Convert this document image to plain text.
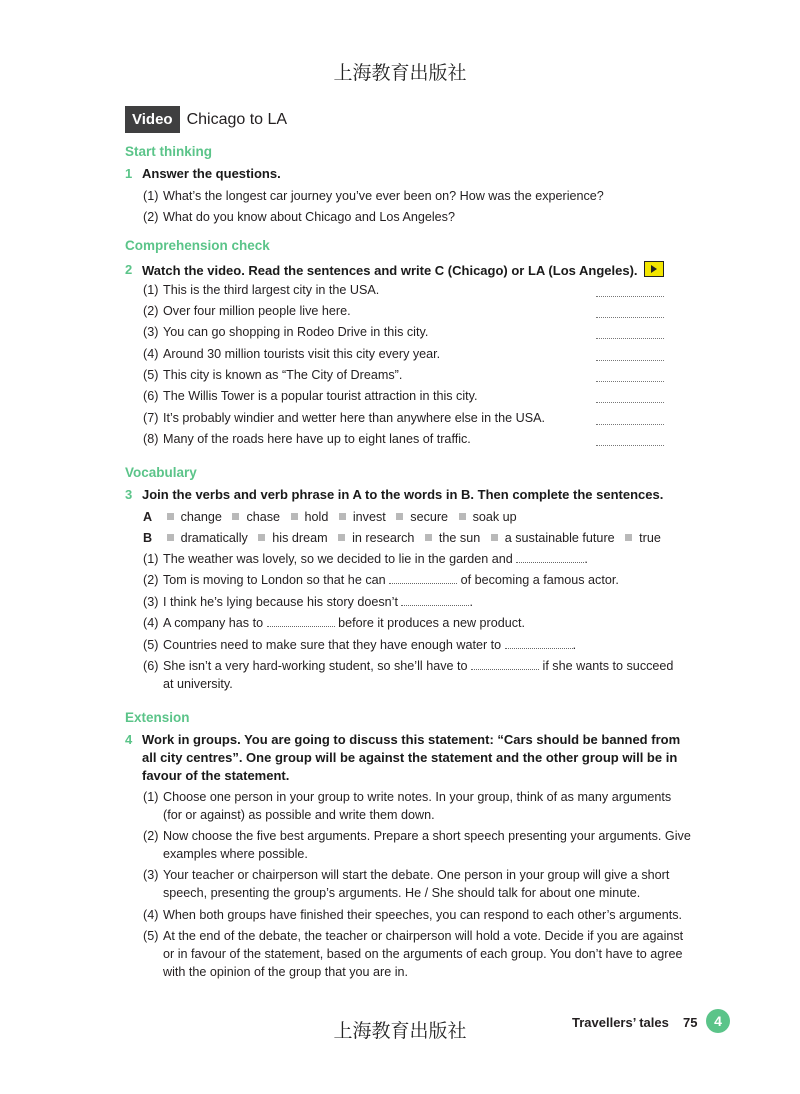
上海教育出版社
Video Chicago to LA
Start thinking
1 Answer the questions.
(1) What’s the longest car journey you’ve ever been on? How was the experience?
(2) What do you know about Chicago and Los Angeles?
Comprehension check
2 Watch the video. Read the sentences and write C (Chicago) or LA (Los Angeles).
(1) This is the third largest city in the USA.
(2) Over four million people live here.
(3) You can go shopping in Rodeo Drive in this city.
(4) Around 30 million tourists visit this city every year.
(5) This city is known as “The City of Dreams”.
(6) The Willis Tower is a popular tourist attraction in this city.
(7) It’s probably windier and wetter here than anywhere else in the USA.
(8) Many of the roads here have up to eight lanes of traffic.
Vocabulary
3 Join the verbs and verb phrase in A to the words in B. Then complete the sentences.
A change chase hold invest secure soak up
B dramatically his dream in research the sun a sustainable future true
(1) The weather was lovely, so we decided to lie in the garden and	.
(2) Tom is moving to London so that he can	of becoming a famous actor.
(3) I think he’s lying because his story doesn’t	.
(4) A company has to	before it produces a new product.
(5) Countries need to make sure that they have enough water to	.
(6) She isn’t a very hard-working student, so she’ll have to	if she wants to succeed
at university.
Extension
4 Work in groups. You are going to discuss this statement: “Cars should be banned from all city centres”. One group will be against the statement and the other group will be in favour of the statement.
(1) Choose one person in your group to write notes. In your group, think of as many arguments (for or against) as possible and write them down.
(2) Now choose the five best arguments. Prepare a short speech presenting your arguments. Give examples where possible.
(3) Your teacher or chairperson will start the debate. One person in your group will give a short speech, presenting the group’s arguments. He / She should talk for about one minute.
(4) When both groups have finished their speeches, you can respond to each other’s arguments.
(5) At the end of the debate, the teacher or chairperson will hold a vote. Decide if you are against or in favour of the statement, based on the arguments of each group. You don’t have to agree with the opinion of the group that you are in.
上海教育出版社	Travellers’ tales 75	4
